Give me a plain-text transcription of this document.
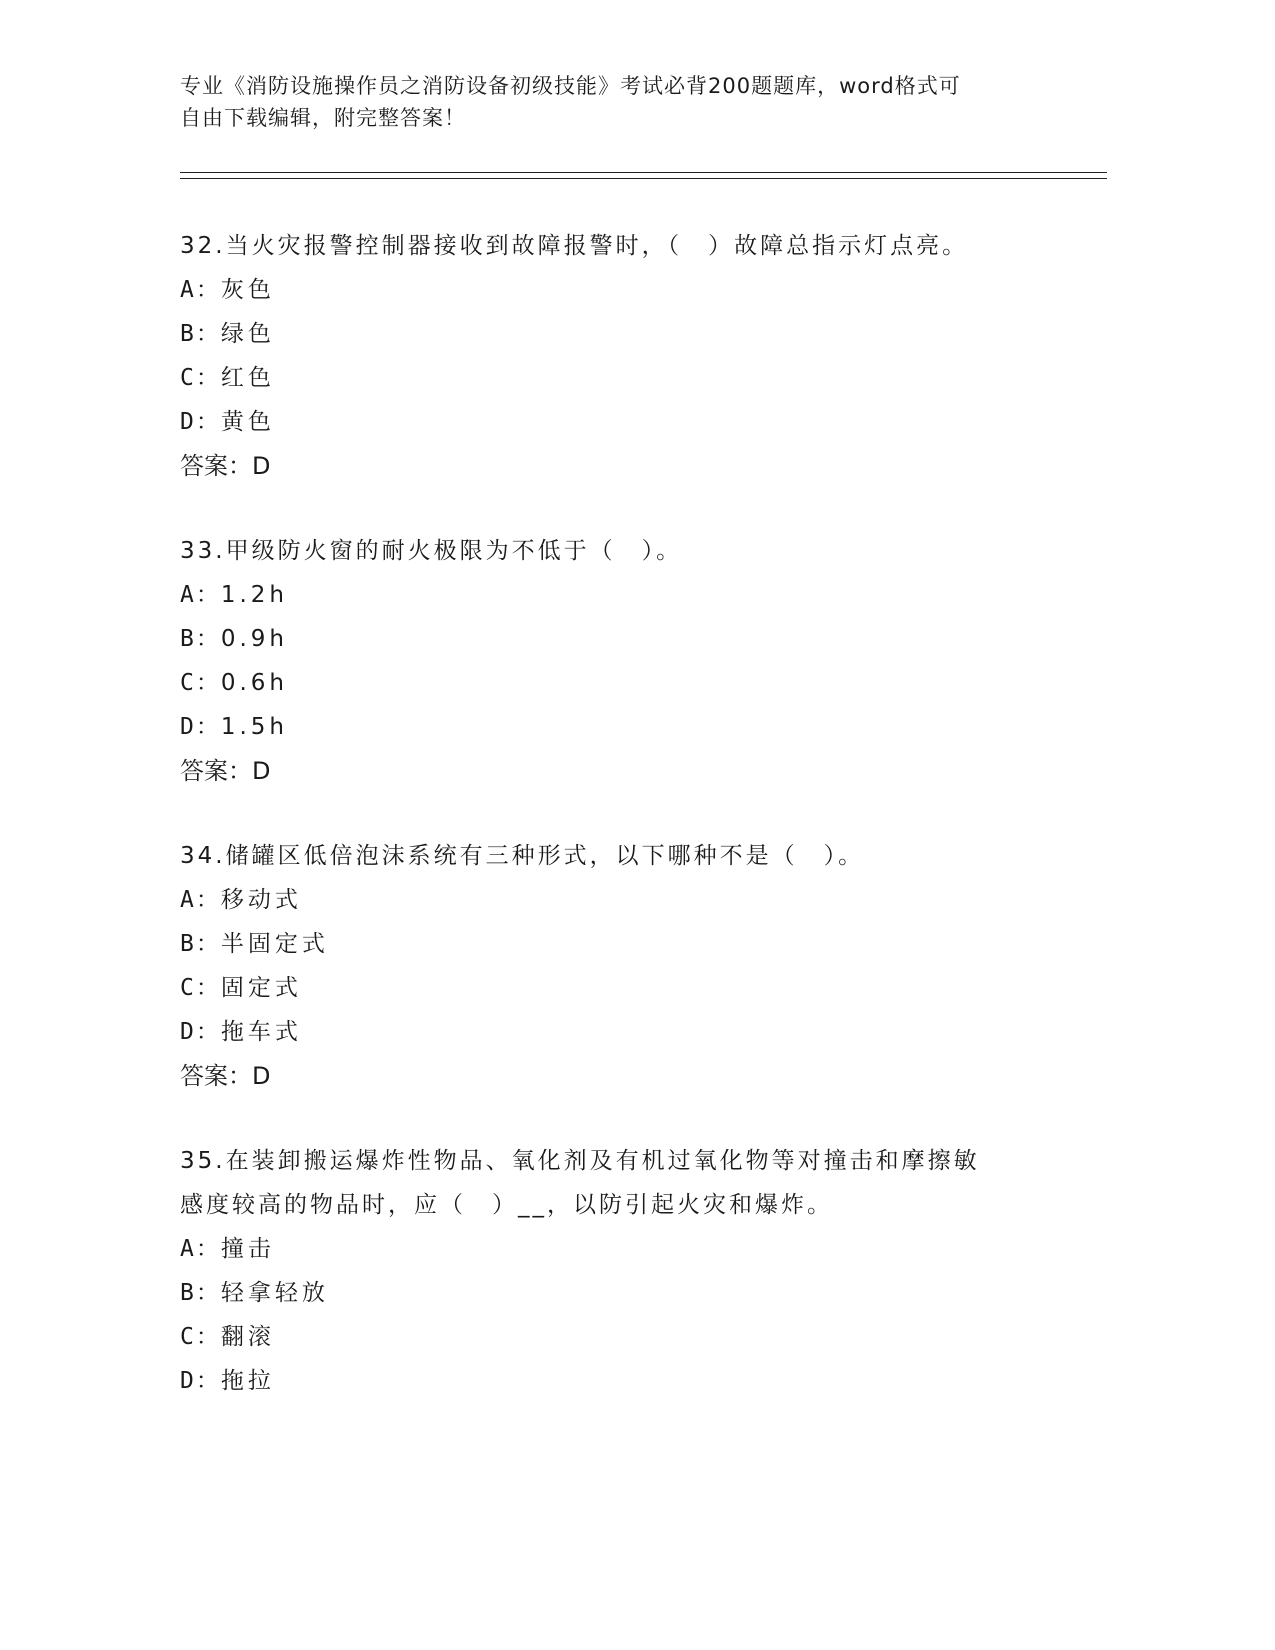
专业《消防设施操作员之消防设备初级技能》考试必背200题题库，word格式可
自由下载编辑，附完整答案！

32.当火灾报警控制器接收到故障报警时，（　）故障总指示灯点亮。

A：灰色

B：绿色

C：红色

D：黄色

答案：D

33.甲级防火窗的耐火极限为不低于（　）。

A：1.2h

B：0.9h

C：0.6h

D：1.5h

答案：D

34.储罐区低倍泡沫系统有三种形式，以下哪种不是（　）。

A：移动式

B：半固定式

C：固定式

D：拖车式

答案：D

35.在装卸搬运爆炸性物品、氧化剂及有机过氧化物等对撞击和摩擦敏

感度较高的物品时，应（　）__，以防引起火灾和爆炸。

A：撞击

B：轻拿轻放

C：翻滚

D：拖拉
